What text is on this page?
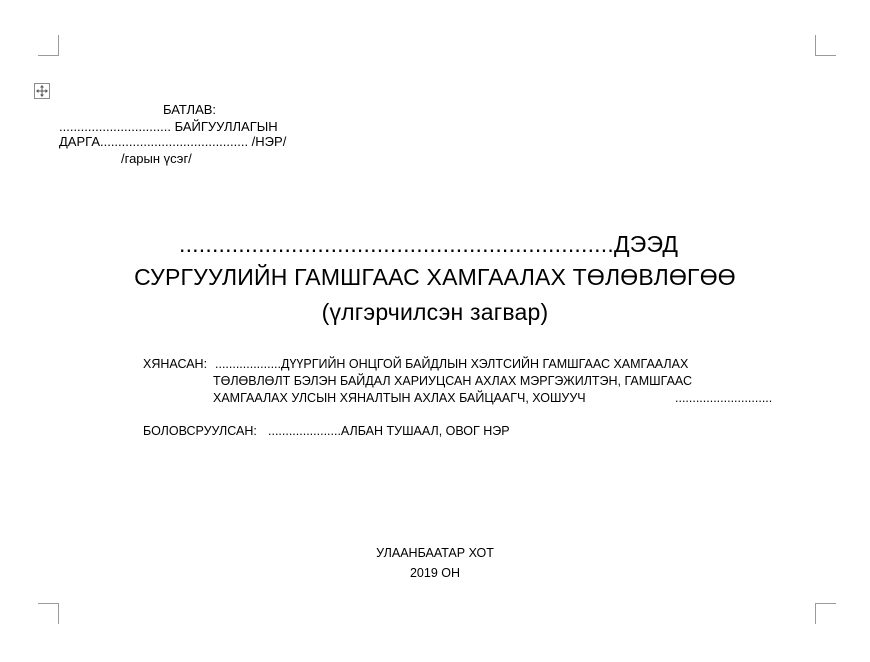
БАТЛАВ:
............................... БАЙГУУЛЛАГЫН
ДАРГА......................................... /НЭР/
/гарын үсэг/
..................................................................ДЭЭД
СУРГУУЛИЙН ГАМШГААС ХАМГААЛАХ ТӨЛӨВЛӨГӨӨ
(үлгэрчилсэн загвар)
ХЯНАСАН: ...................ДҮҮРГИЙН ОНЦГОЙ БАЙДЛЫН ХЭЛТСИЙН ГАМШГААС ХАМГААЛАХ
ТӨЛӨВЛӨЛТ БЭЛЭН БАЙДАЛ ХАРИУЦСАН АХЛАХ МЭРГЭЖИЛТЭН, ГАМШГААС
ХАМГААЛАХ УЛСЫН ХЯНАЛТЫН АХЛАХ БАЙЦААГЧ, ХОШУУЧ	............................
БОЛОВСРУУЛСАН: .....................АЛБАН ТУШААЛ, ОВОГ НЭР
УЛААНБААТАР ХОТ
2019 ОН
